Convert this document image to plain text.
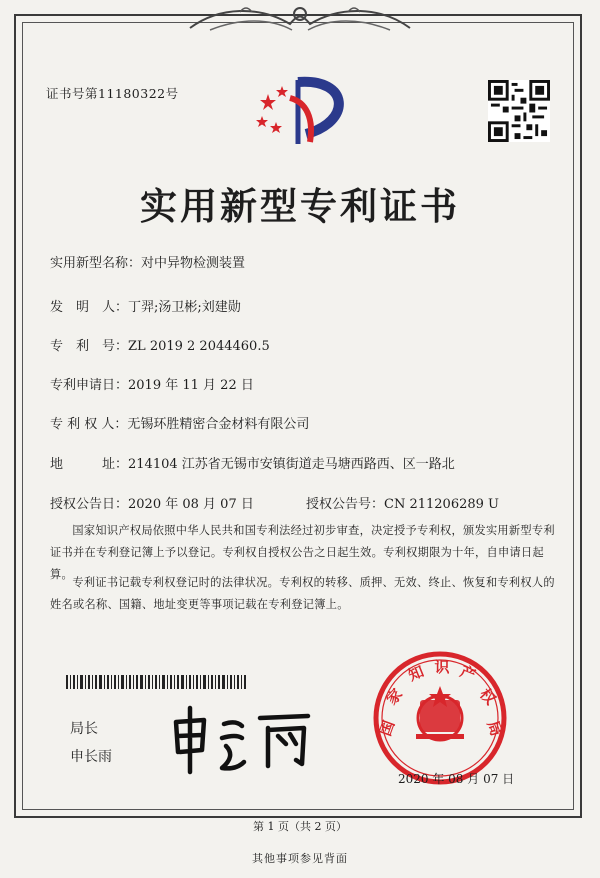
证书号第11180322号
实用新型专利证书
实用新型名称：对中异物检测装置
发　明　人：丁羿;汤卫彬;刘建勋
专　利　号：ZL 2019 2 2044460.5
专利申请日：2019 年 11 月 22 日
专 利 权 人：无锡环胜精密合金材料有限公司
地　　　址：214104 江苏省无锡市安镇街道走马塘西路西、区一路北
授权公告日：2020 年 08 月 07 日	授权公告号：CN 211206289 U
国家知识产权局依照中华人民共和国专利法经过初步审查，决定授予专利权，颁发实用新型专利证书并在专利登记簿上予以登记。专利权自授权公告之日起生效。专利权期限为十年，自申请日起算。
专利证书记载专利权登记时的法律状况。专利权的转移、质押、无效、终止、恢复和专利权人的姓名或名称、国籍、地址变更等事项记载在专利登记簿上。
局长
申长雨
国
家
知 识 产
权
局
2020 年 08 月 07 日
第 1 页（共 2 页）
其他事项参见背面
